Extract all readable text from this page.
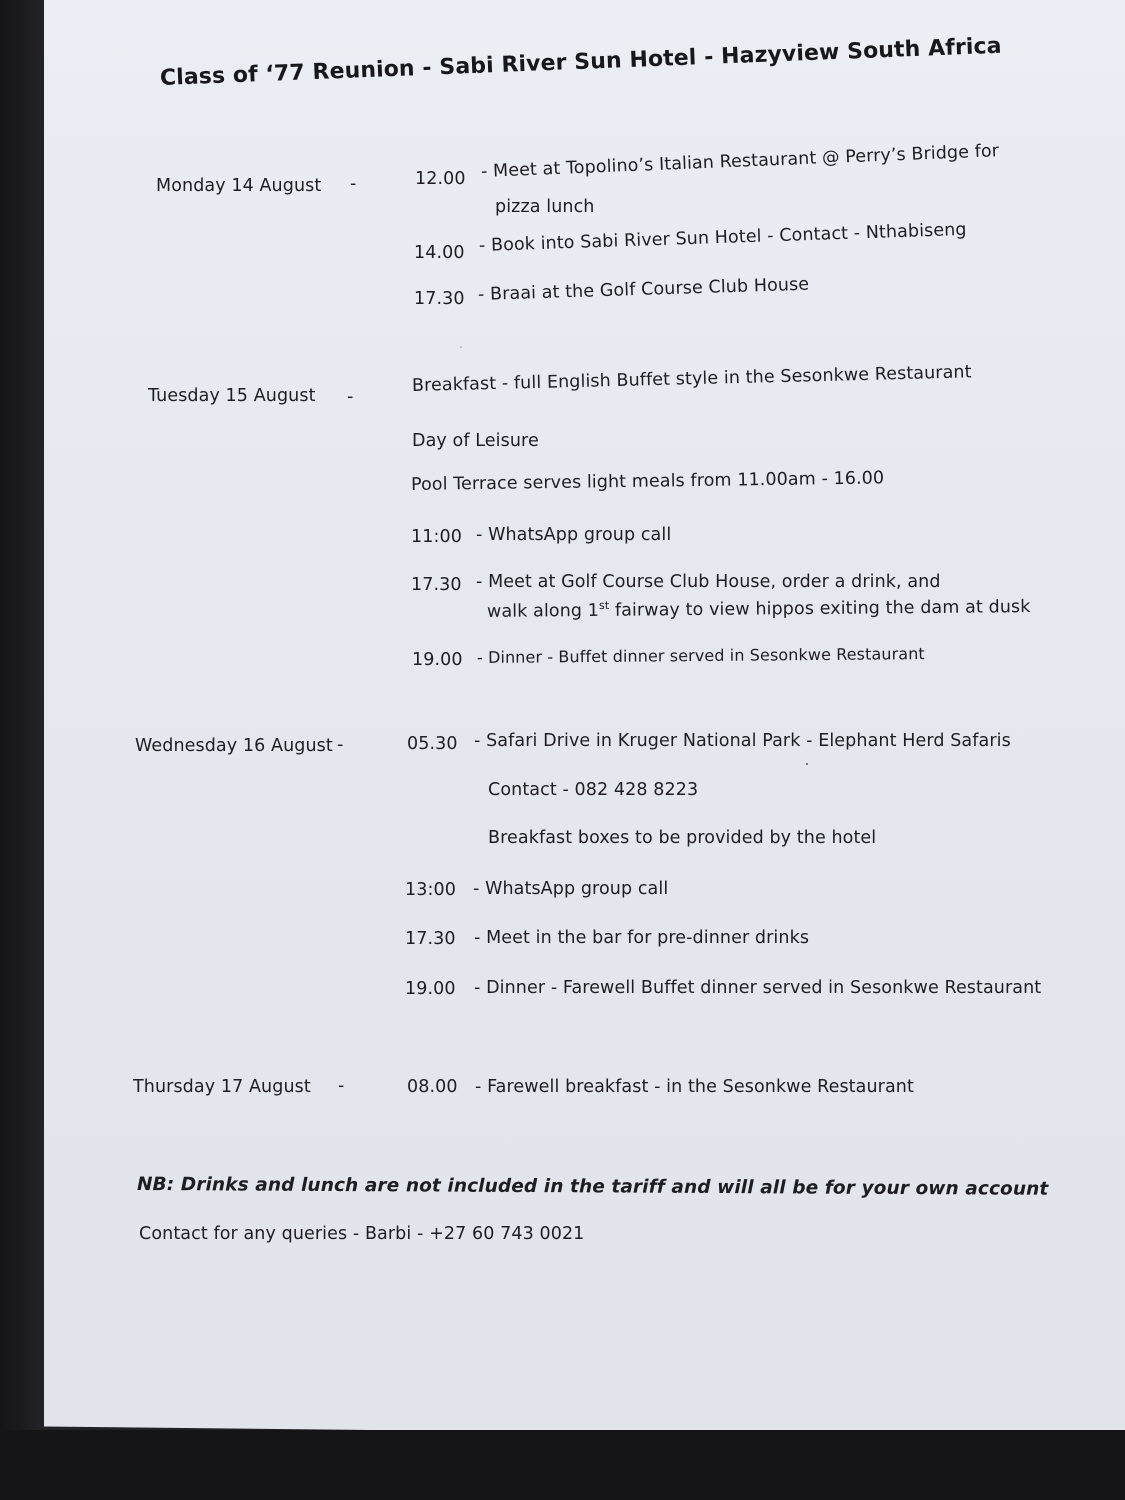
Class of ‘77 Reunion - Sabi River Sun Hotel - Hazyview South Africa
Monday 14 August -	12.00 - Meet at Topolino’s Italian Restaurant @ Perry’s Bridge for
pizza lunch
14.00 - Book into Sabi River Sun Hotel - Contact - Nthabiseng
17.30 - Braai at the Golf Course Club House
Tuesday 15 August -
Breakfast - full English Buffet style in the Sesonkwe Restaurant
Day of Leisure
Pool Terrace serves light meals from 11.00am - 16.00
11:00 - WhatsApp group call
17.30 - Meet at Golf Course Club House, order a drink, and
walk along 1st fairway to view hippos exiting the dam at dusk
19.00 - Dinner - Buffet dinner served in Sesonkwe Restaurant
Wednesday 16 August -	05.30 - Safari Drive in Kruger National Park - Elephant Herd Safaris
Contact - 082 428 8223
Breakfast boxes to be provided by the hotel
13:00 - WhatsApp group call
17.30 - Meet in the bar for pre-dinner drinks
19.00 - Dinner - Farewell Buffet dinner served in Sesonkwe Restaurant
Thursday 17 August -	08.00 - Farewell breakfast - in the Sesonkwe Restaurant
NB: Drinks and lunch are not included in the tariff and will all be for your own account
Contact for any queries - Barbi - +27 60 743 0021
